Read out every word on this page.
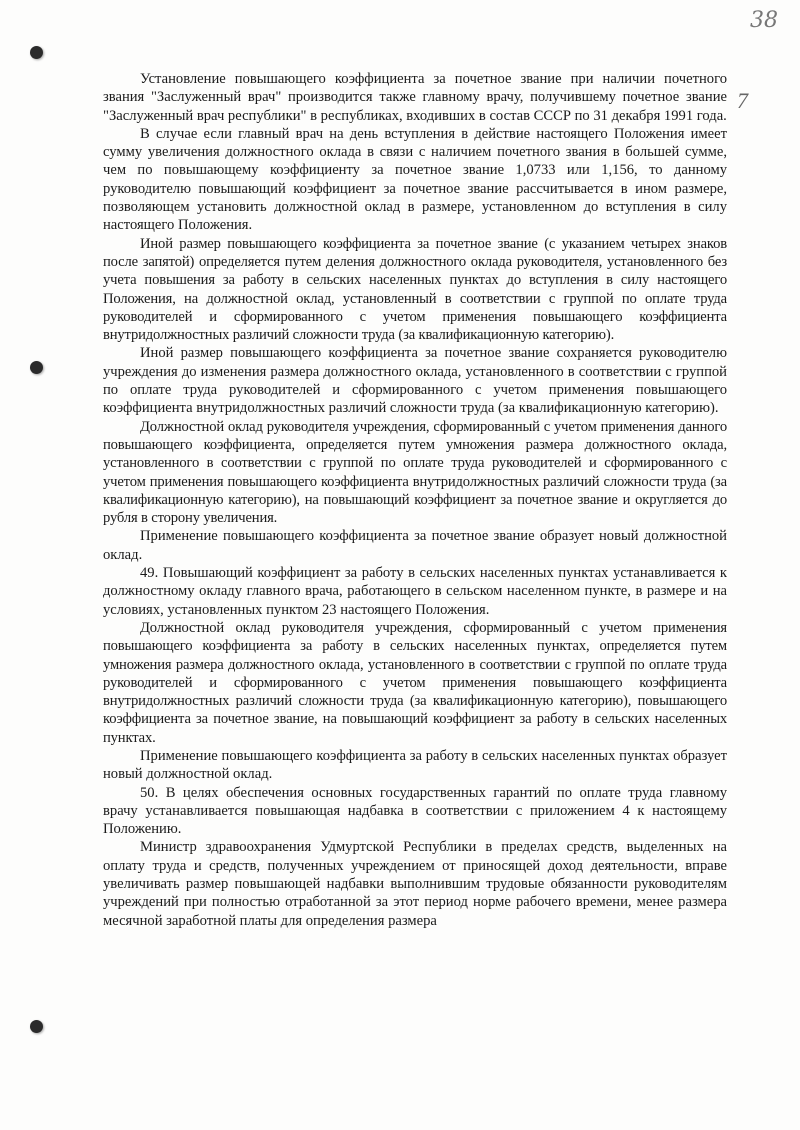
38
7

Установление повышающего коэффициента за почетное звание при наличии почетного звания "Заслуженный врач" производится также главному врачу, получившему почетное звание "Заслуженный врач республики" в республиках, входивших в состав СССР по 31 декабря 1991 года.

В случае если главный врач на день вступления в действие настоящего Положения имеет сумму увеличения должностного оклада в связи с наличием почетного звания в большей сумме, чем по повышающему коэффициенту за почетное звание 1,0733 или 1,156, то данному руководителю повышающий коэффициент за почетное звание рассчитывается в ином размере, позволяющем установить должностной оклад в размере, установленном до вступления в силу настоящего Положения.

Иной размер повышающего коэффициента за почетное звание (с указанием четырех знаков после запятой) определяется путем деления должностного оклада руководителя, установленного без учета повышения за работу в сельских населенных пунктах до вступления в силу настоящего Положения, на должностной оклад, установленный в соответствии с группой по оплате труда руководителей и сформированного с учетом применения повышающего коэффициента внутридолжностных различий сложности труда (за квалификационную категорию).

Иной размер повышающего коэффициента за почетное звание сохраняется руководителю учреждения до изменения размера должностного оклада, установленного в соответствии с группой по оплате труда руководителей и сформированного с учетом применения повышающего коэффициента внутридолжностных различий сложности труда (за квалификационную категорию).

Должностной оклад руководителя учреждения, сформированный с учетом применения данного повышающего коэффициента, определяется путем умножения размера должностного оклада, установленного в соответствии с группой по оплате труда руководителей и сформированного с учетом применения повышающего коэффициента внутридолжностных различий сложности труда (за квалификационную категорию), на повышающий коэффициент за почетное звание и округляется до рубля в сторону увеличения.

Применение повышающего коэффициента за почетное звание образует новый должностной оклад.

49. Повышающий коэффициент за работу в сельских населенных пунктах устанавливается к должностному окладу главного врача, работающего в сельском населенном пункте, в размере и на условиях, установленных пунктом 23 настоящего Положения.

Должностной оклад руководителя учреждения, сформированный с учетом применения повышающего коэффициента за работу в сельских населенных пунктах, определяется путем умножения размера должностного оклада, установленного в соответствии с группой по оплате труда руководителей и сформированного с учетом применения повышающего коэффициента внутридолжностных различий сложности труда (за квалификационную категорию), повышающего коэффициента за почетное звание, на повышающий коэффициент за работу в сельских населенных пунктах.

Применение повышающего коэффициента за работу в сельских населенных пунктах образует новый должностной оклад.

50. В целях обеспечения основных государственных гарантий по оплате труда главному врачу устанавливается повышающая надбавка в соответствии с приложением 4 к настоящему Положению.

Министр здравоохранения Удмуртской Республики в пределах средств, выделенных на оплату труда и средств, полученных учреждением от приносящей доход деятельности, вправе увеличивать размер повышающей надбавки выполнившим трудовые обязанности руководителям учреждений при полностью отработанной за этот период норме рабочего времени, менее размера месячной заработной платы для определения размера
